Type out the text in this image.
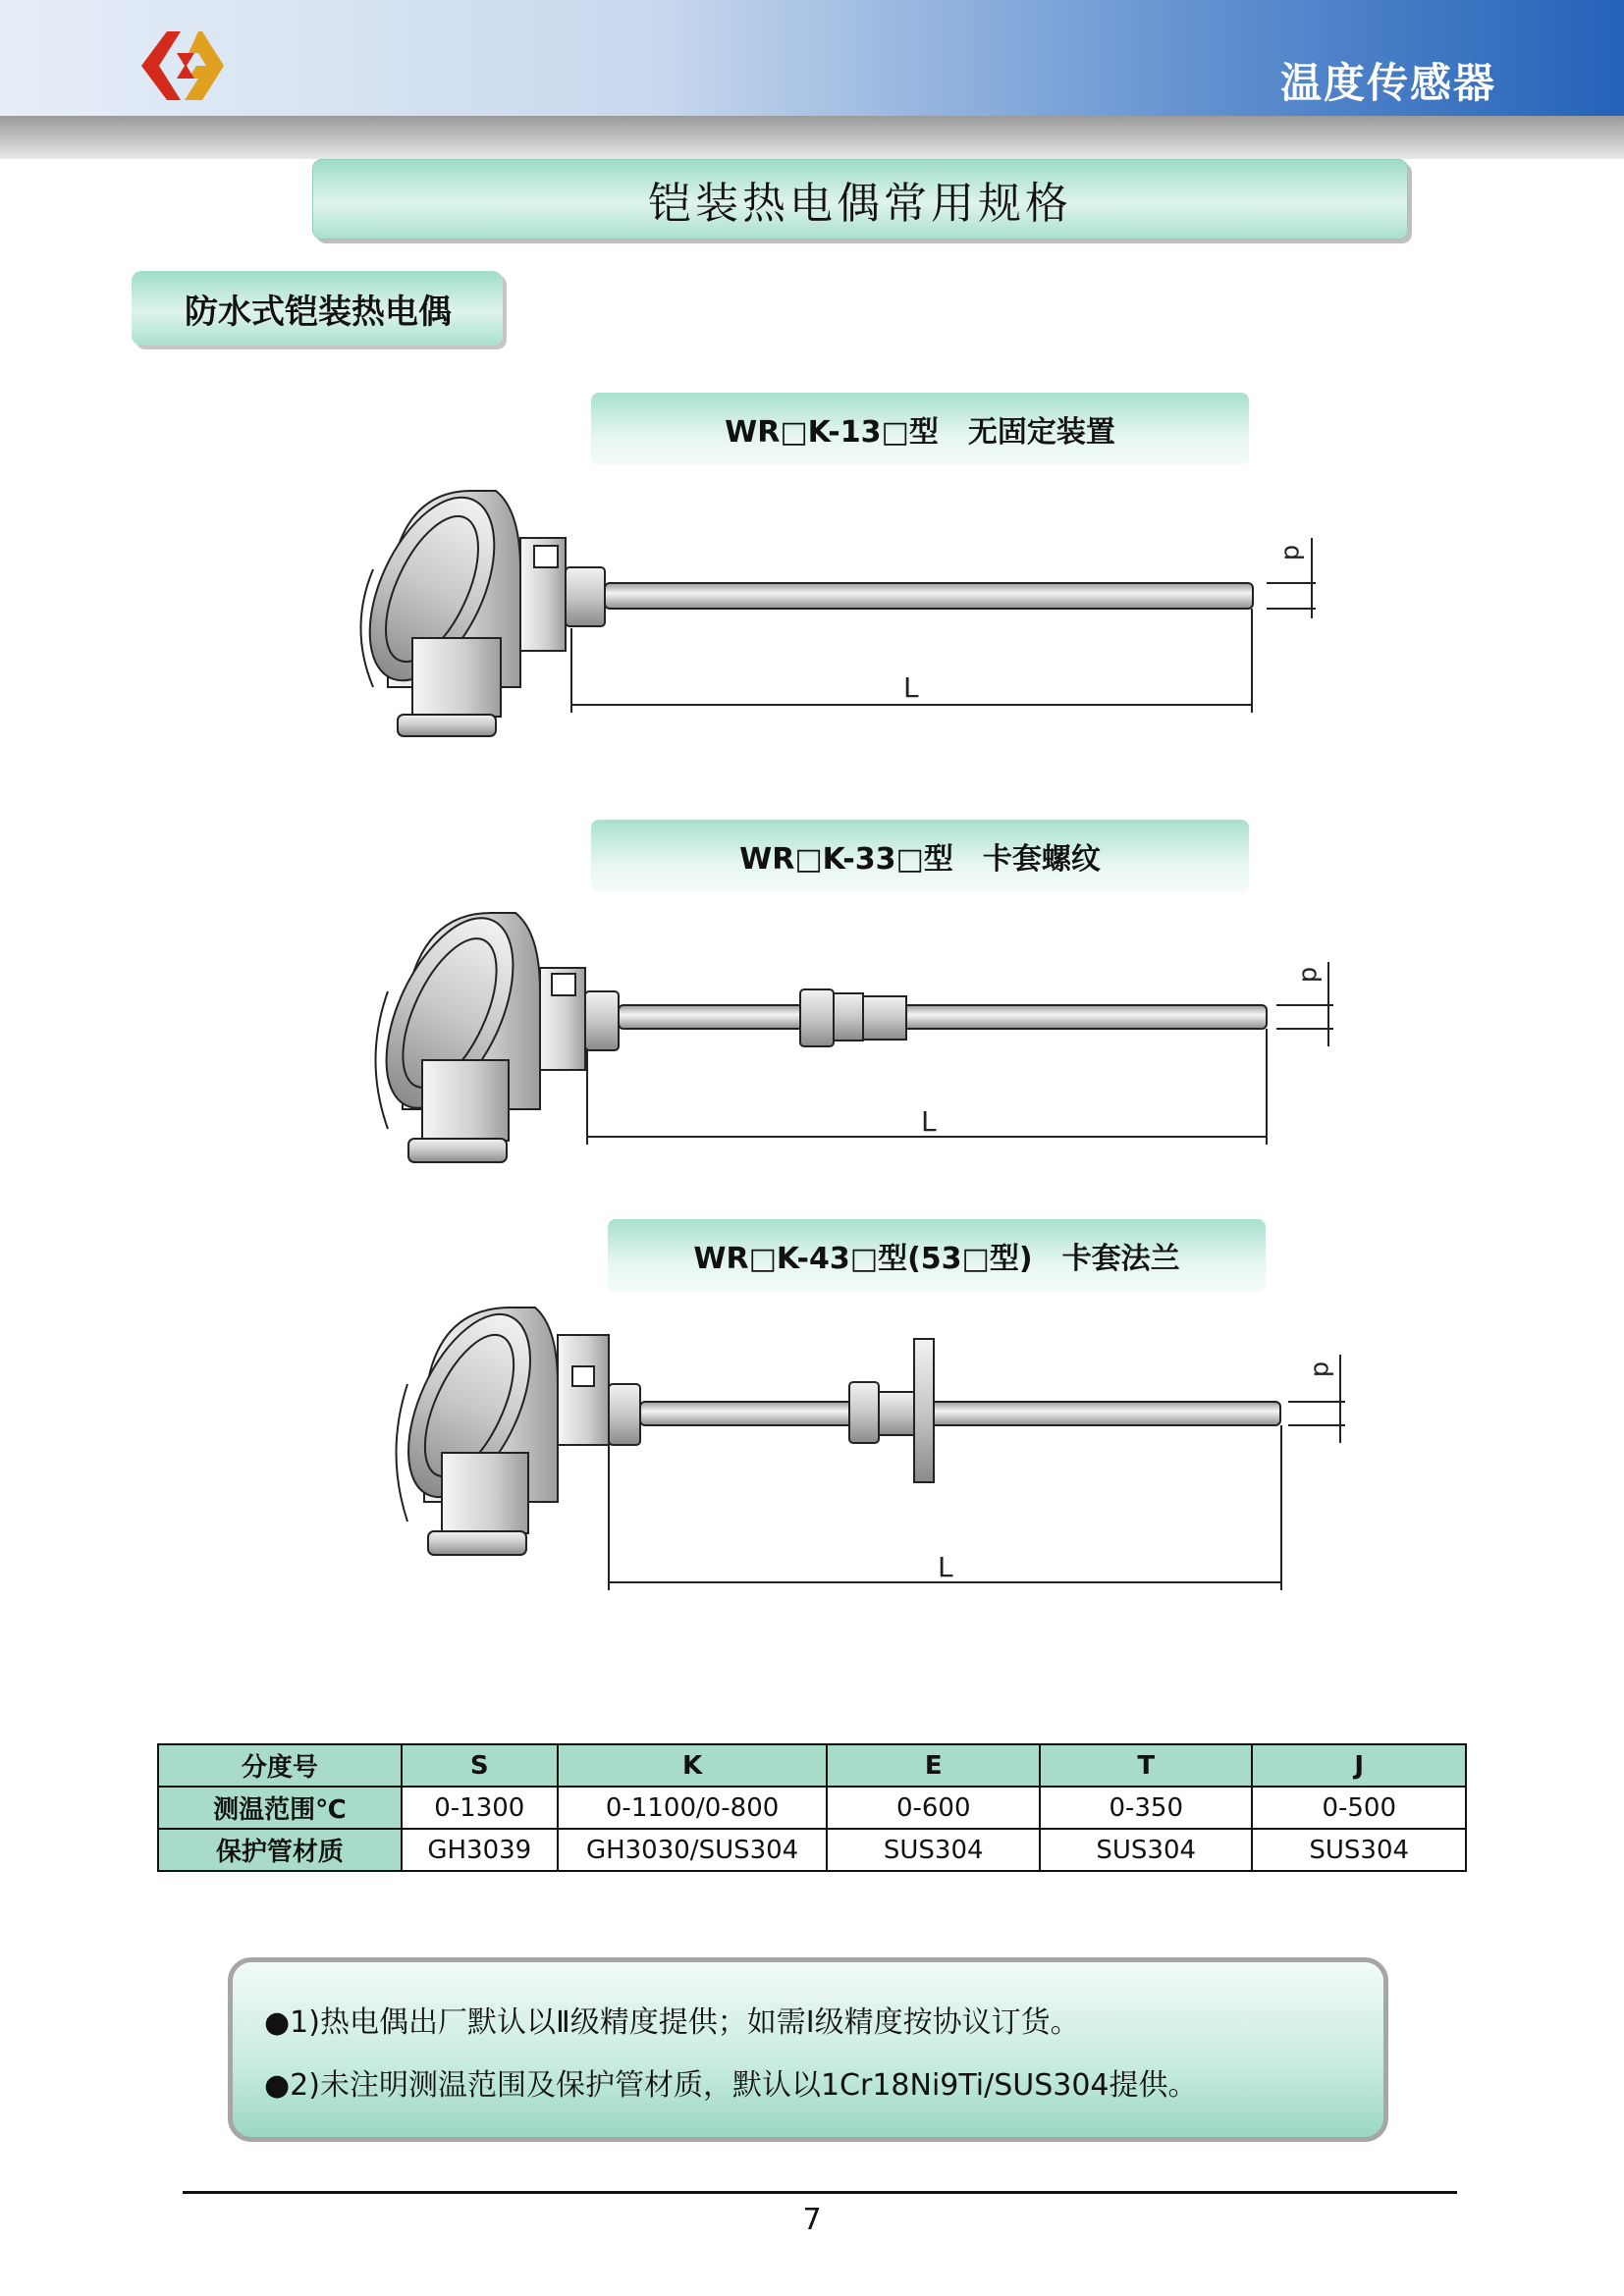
温度传感器
铠装热电偶常用规格
防水式铠装热电偶
WR□K-13□型　无固定装置
WR□K-33□型　卡套螺纹
WR□K-43□型(53□型)　卡套法兰
L
d
L
d
L
d
分度号	S	K	E	T	J
测温范围℃	0-1300	0-1100/0-800	0-600	0-350	0-500
保护管材质	GH3039	GH3030/SUS304	SUS304	SUS304	SUS304

●1)热电偶出厂默认以Ⅱ级精度提供；如需Ⅰ级精度按协议订货。

●2)未注明测温范围及保护管材质，默认以1Cr18Ni9Ti/SUS304提供。

7
